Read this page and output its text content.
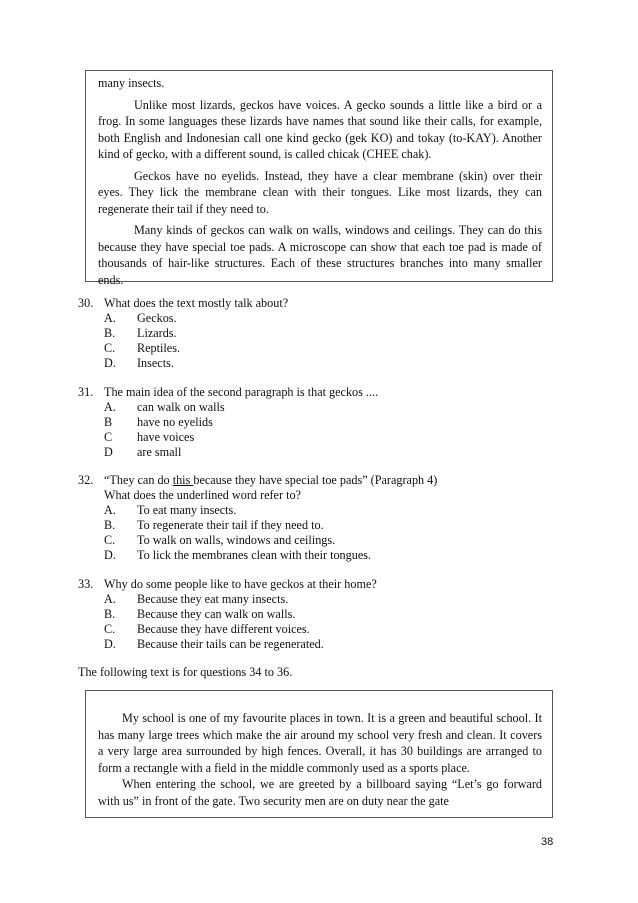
many insects.

Unlike most lizards, geckos have voices. A gecko sounds a little like a bird or a frog. In some languages these lizards have names that sound like their calls, for example, both English and Indonesian call one kind gecko (gek KO) and tokay (to-KAY). Another kind of gecko, with a different sound, is called chicak (CHEE chak).

Geckos have no eyelids. Instead, they have a clear membrane (skin) over their eyes. They lick the membrane clean with their tongues. Like most lizards, they can regenerate their tail if they need to.

Many kinds of geckos can walk on walls, windows and ceilings. They can do this because they have special toe pads. A microscope can show that each toe pad is made of thousands of hair-like structures. Each of these structures branches into many smaller ends.

30. What does the text mostly talk about?
A. Geckos.
B. Lizards.
C. Reptiles.
D. Insects.
31. The main idea of the second paragraph is that geckos ....
A. can walk on walls
B have no eyelids
C have voices
D are small
32. “They can do this because they have special toe pads” (Paragraph 4)
What does the underlined word refer to?
A. To eat many insects.
B. To regenerate their tail if they need to.
C. To walk on walls, windows and ceilings.
D. To lick the membranes clean with their tongues.
33. Why do some people like to have geckos at their home?
A. Because they eat many insects.
B. Because they can walk on walls.
C. Because they have different voices.
D. Because their tails can be regenerated.
The following text is for questions 34 to 36.

My school is one of my favourite places in town. It is a green and beautiful school. It has many large trees which make the air around my school very fresh and clean. It covers a very large area surrounded by high fences. Overall, it has 30 buildings are arranged to form a rectangle with a field in the middle commonly used as a sports place.

When entering the school, we are greeted by a billboard saying “Let’s go forward with us” in front of the gate. Two security men are on duty near the gate

38
